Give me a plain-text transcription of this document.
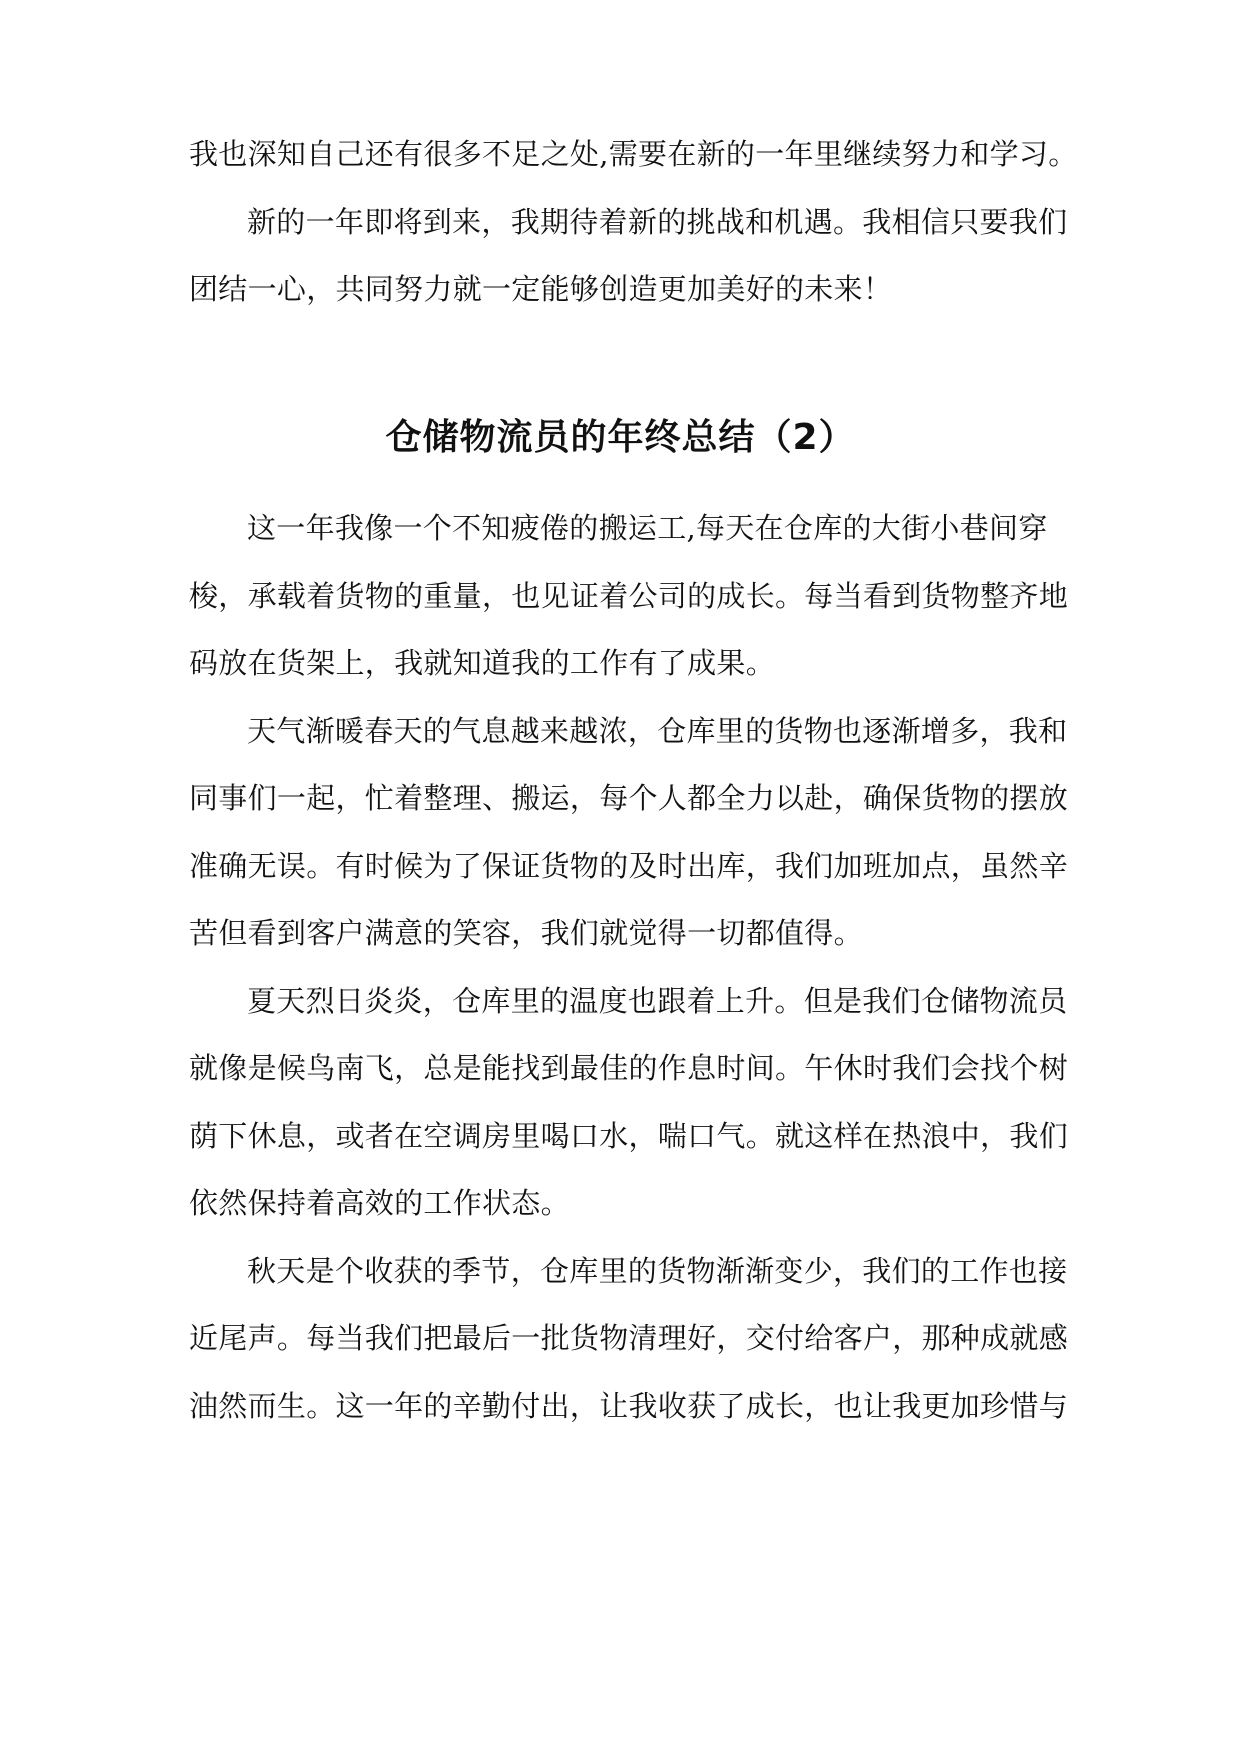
我也深知自己还有很多不足之处,需要在新的一年里继续努力和学习。
新的一年即将到来，我期待着新的挑战和机遇。我相信只要我们
团结一心，共同努力就一定能够创造更加美好的未来！
仓储物流员的年终总结（2）
这一年我像一个不知疲倦的搬运工,每天在仓库的大街小巷间穿
梭，承载着货物的重量，也见证着公司的成长。每当看到货物整齐地
码放在货架上，我就知道我的工作有了成果。
天气渐暖春天的气息越来越浓，仓库里的货物也逐渐增多，我和
同事们一起，忙着整理、搬运，每个人都全力以赴，确保货物的摆放
准确无误。有时候为了保证货物的及时出库，我们加班加点，虽然辛
苦但看到客户满意的笑容，我们就觉得一切都值得。
夏天烈日炎炎，仓库里的温度也跟着上升。但是我们仓储物流员
就像是候鸟南飞，总是能找到最佳的作息时间。午休时我们会找个树
荫下休息，或者在空调房里喝口水，喘口气。就这样在热浪中，我们
依然保持着高效的工作状态。
秋天是个收获的季节，仓库里的货物渐渐变少，我们的工作也接
近尾声。每当我们把最后一批货物清理好，交付给客户，那种成就感
油然而生。这一年的辛勤付出，让我收获了成长，也让我更加珍惜与
